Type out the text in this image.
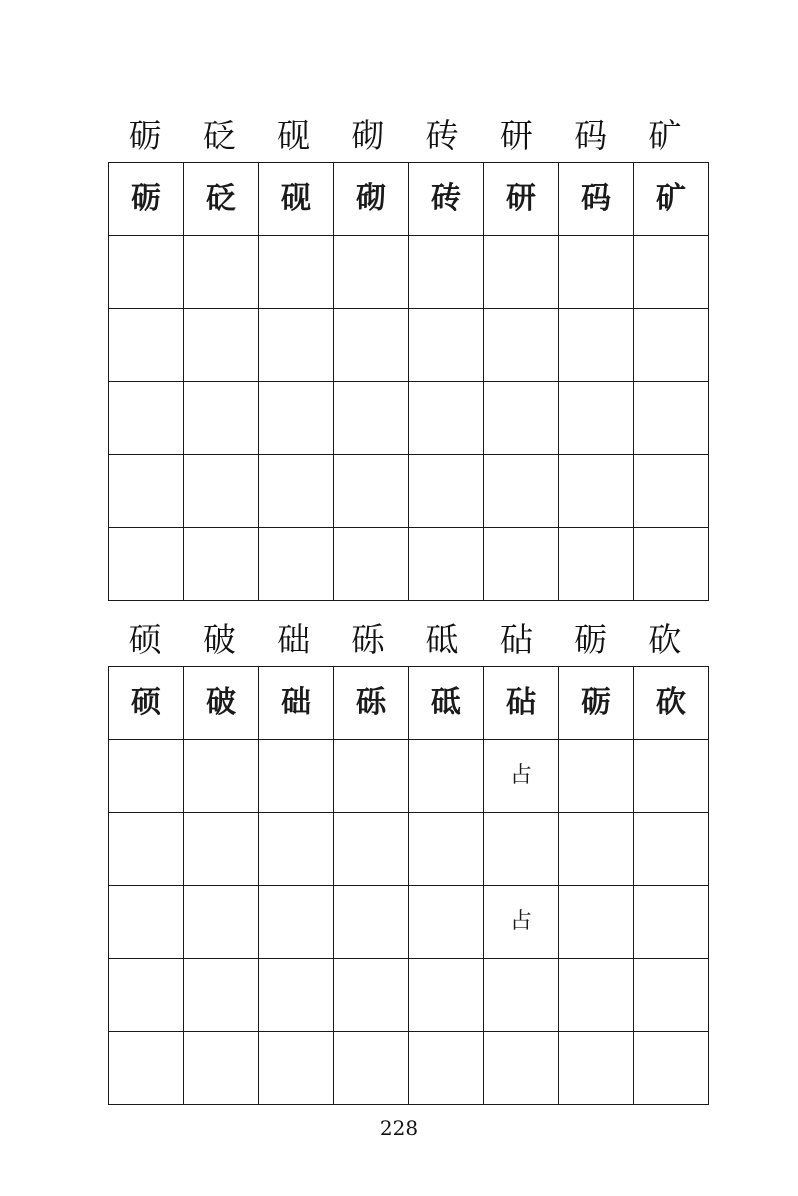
砺	砭	砚	砌	砖	研	码	矿
砺	砭	砚	砌	砖	研	码	矿

硕	破	础	砾	砥	砧	砺	砍
硕	破	础	砾	砥	砧	砺	砍
					占		

					占		

228
